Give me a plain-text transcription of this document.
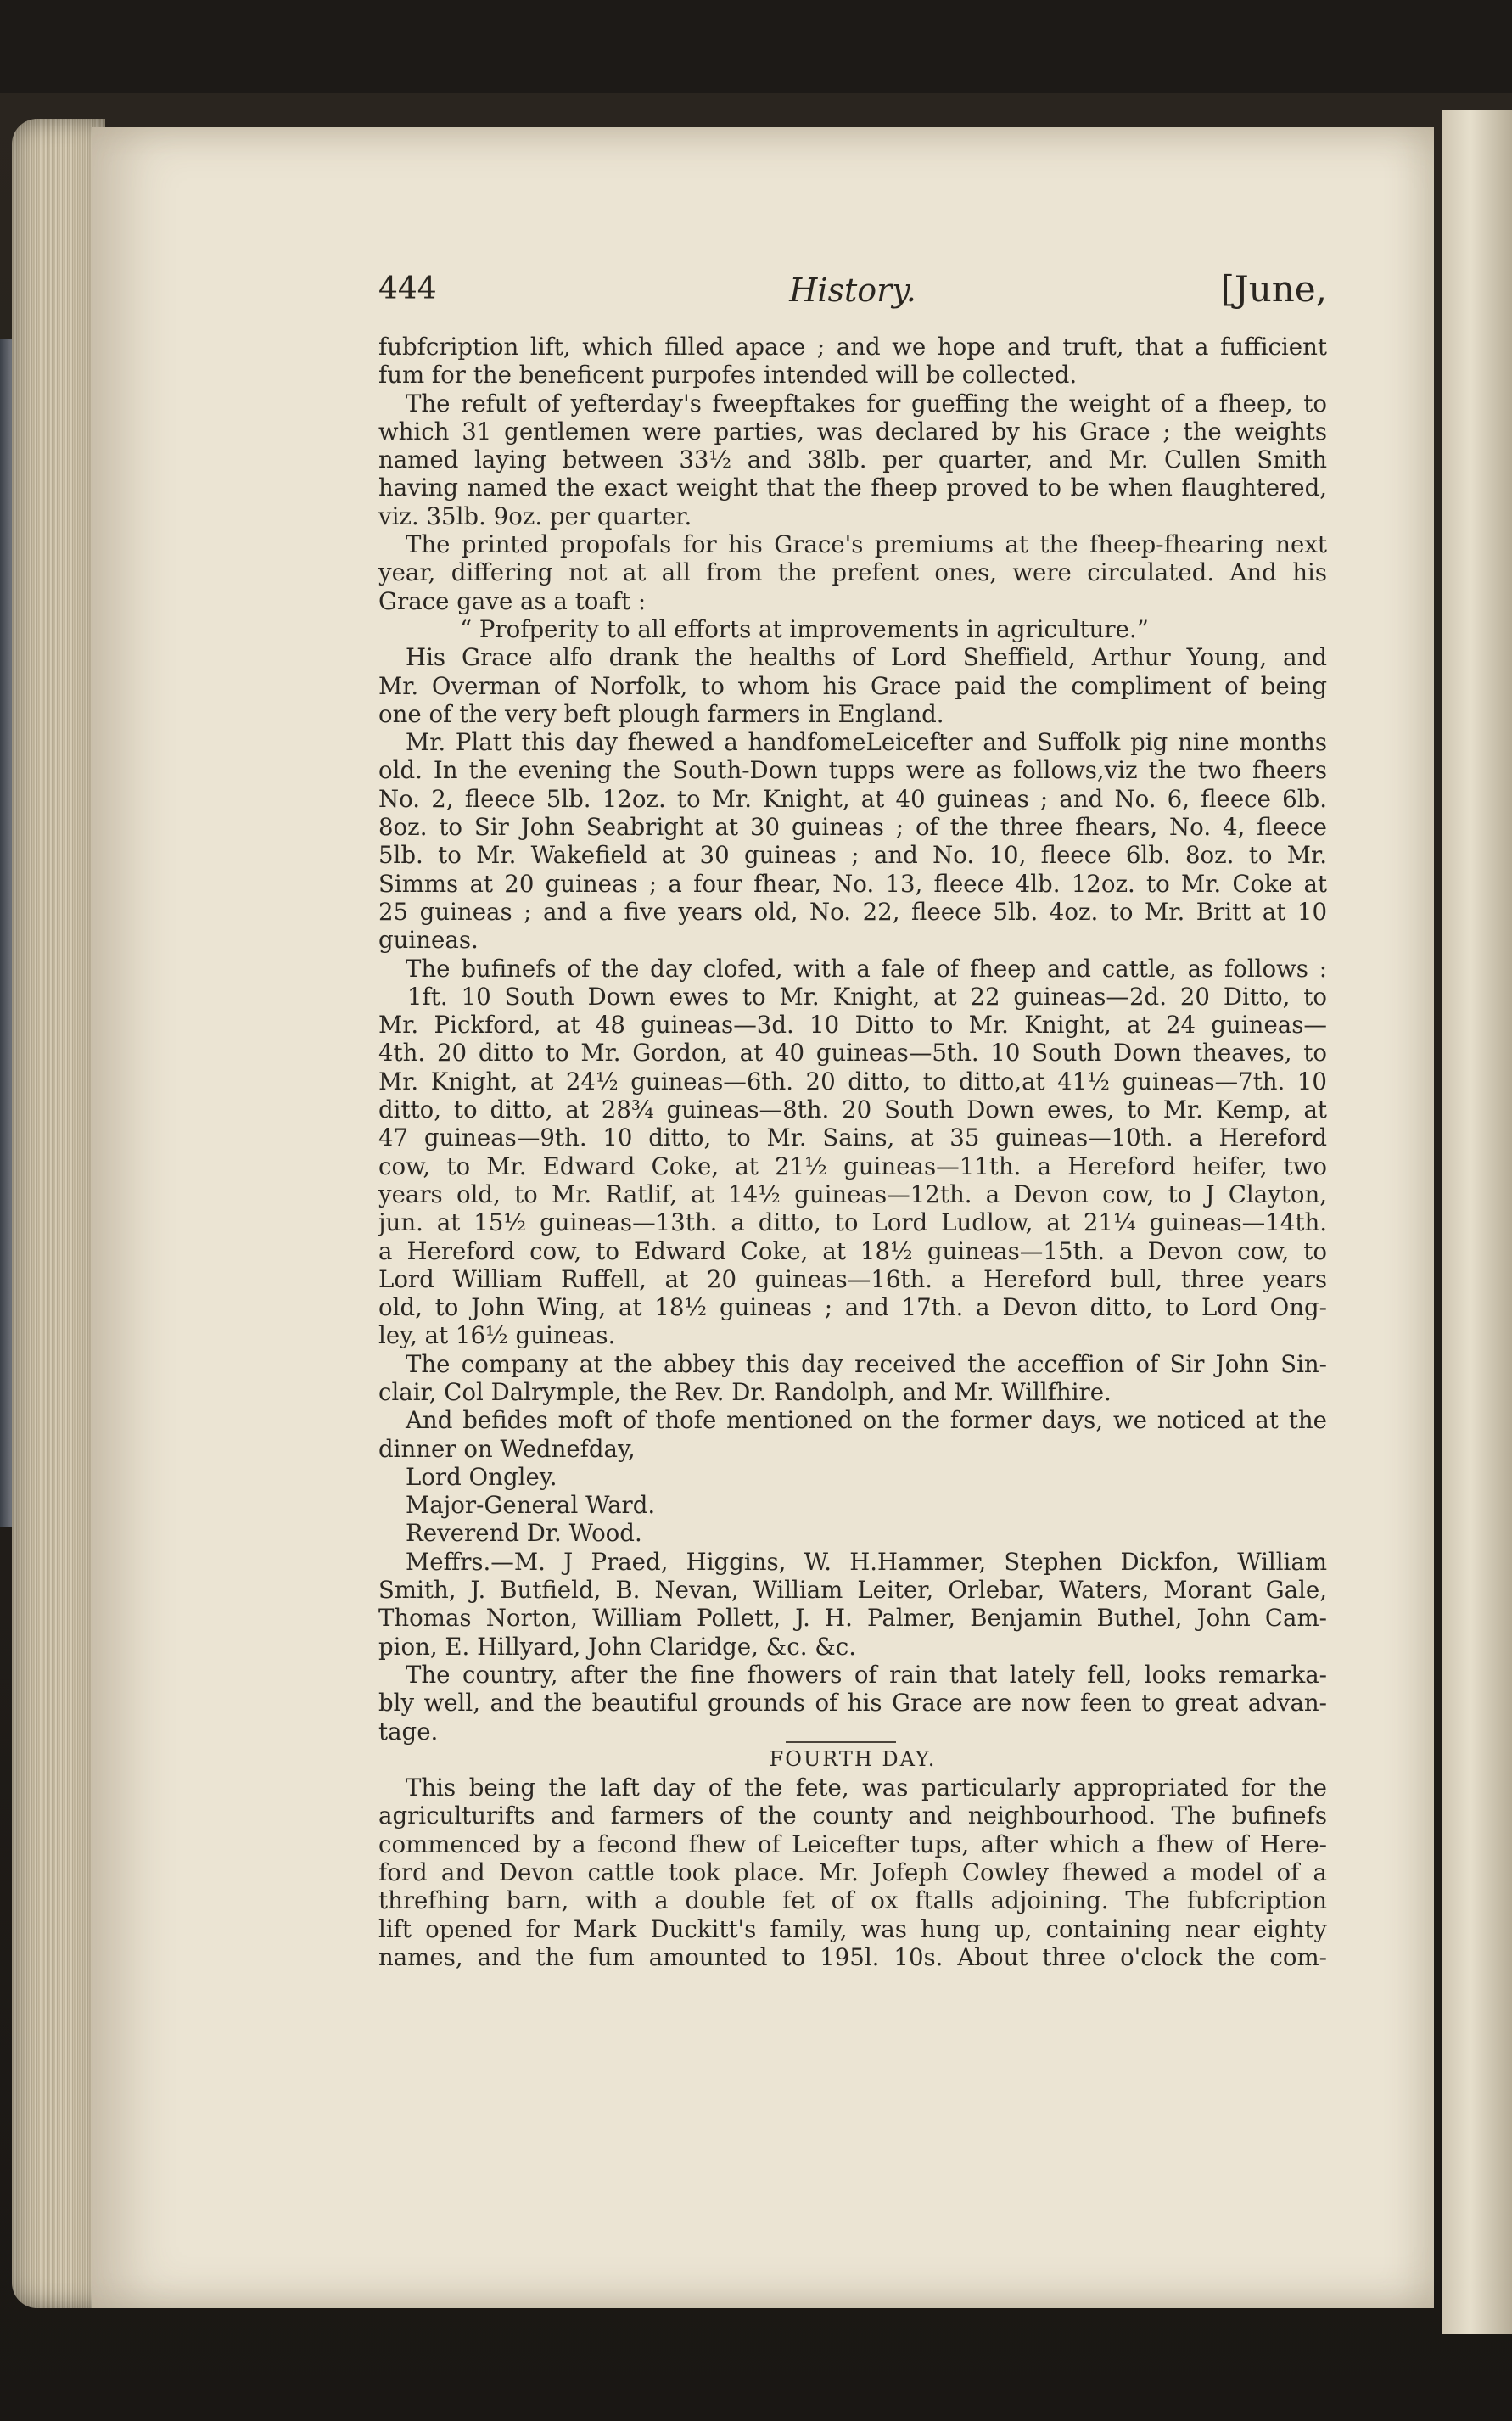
444	History.	[June,
fubfcription lift, which filled apace ; and we hope and truft, that a fufficient
fum for the beneficent purpofes intended will be collected.
The refult of yefterday's fweepftakes for gueffing the weight of a fheep, to
which 31 gentlemen were parties, was declared by his Grace ; the weights
named laying between 33½ and 38lb. per quarter, and Mr. Cullen Smith
having named the exact weight that the fheep proved to be when flaughtered,
viz. 35lb. 9oz. per quarter.
The printed propofals for his Grace's premiums at the fheep-fhearing next
year, differing not at all from the prefent ones, were circulated. And his
Grace gave as a toaft :
“ Profperity to all efforts at improvements in agriculture.”
His Grace alfo drank the healths of Lord Sheffield, Arthur Young, and
Mr. Overman of Norfolk, to whom his Grace paid the compliment of being
one of the very beft plough farmers in England.
Mr. Platt this day fhewed a handfomeLeicefter and Suffolk pig nine months
old. In the evening the South-Down tupps were as follows,viz the two fheers
No. 2, fleece 5lb. 12oz. to Mr. Knight, at 40 guineas ; and No. 6, fleece 6lb.
8oz. to Sir John Seabright at 30 guineas ; of the three fhears, No. 4, fleece
5lb. to Mr. Wakefield at 30 guineas ; and No. 10, fleece 6lb. 8oz. to Mr.
Simms at 20 guineas ; a four fhear, No. 13, fleece 4lb. 12oz. to Mr. Coke at
25 guineas ; and a five years old, No. 22, fleece 5lb. 4oz. to Mr. Britt at 10
guineas.
The bufinefs of the day clofed, with a fale of fheep and cattle, as follows :
1ft. 10 South Down ewes to Mr. Knight, at 22 guineas—2d. 20 Ditto, to
Mr. Pickford, at 48 guineas—3d. 10 Ditto to Mr. Knight, at 24 guineas—
4th. 20 ditto to Mr. Gordon, at 40 guineas—5th. 10 South Down theaves, to
Mr. Knight, at 24½ guineas—6th. 20 ditto, to ditto,at 41½ guineas—7th. 10
ditto, to ditto, at 28¾ guineas—8th. 20 South Down ewes, to Mr. Kemp, at
47 guineas—9th. 10 ditto, to Mr. Sains, at 35 guineas—10th. a Hereford
cow, to Mr. Edward Coke, at 21½ guineas—11th. a Hereford heifer, two
years old, to Mr. Ratlif, at 14½ guineas—12th. a Devon cow, to J Clayton,
jun. at 15½ guineas—13th. a ditto, to Lord Ludlow, at 21¼ guineas—14th.
a Hereford cow, to Edward Coke, at 18½ guineas—15th. a Devon cow, to
Lord William Ruffell, at 20 guineas—16th. a Hereford bull, three years
old, to John Wing, at 18½ guineas ; and 17th. a Devon ditto, to Lord Ong-
ley, at 16½ guineas.
The company at the abbey this day received the acceffion of Sir John Sin-
clair, Col Dalrymple, the Rev. Dr. Randolph, and Mr. Willfhire.
And befides moft of thofe mentioned on the former days, we noticed at the
dinner on Wednefday,
Lord Ongley.
Major-General Ward.
Reverend Dr. Wood.
Meffrs.—M. J Praed, Higgins, W. H.Hammer, Stephen Dickfon, William
Smith, J. Butfield, B. Nevan, William Leiter, Orlebar, Waters, Morant Gale,
Thomas Norton, William Pollett, J. H. Palmer, Benjamin Buthel, John Cam-
pion, E. Hillyard, John Claridge, &c. &c.
The country, after the fine fhowers of rain that lately fell, looks remarka-
bly well, and the beautiful grounds of his Grace are now feen to great advan-
tage.
FOURTH DAY.
This being the laft day of the fete, was particularly appropriated for the
agriculturifts and farmers of the county and neighbourhood. The bufinefs
commenced by a fecond fhew of Leicefter tups, after which a fhew of Here-
ford and Devon cattle took place. Mr. Jofeph Cowley fhewed a model of a
threfhing barn, with a double fet of ox ftalls adjoining. The fubfcription
lift opened for Mark Duckitt's family, was hung up, containing near eighty
names, and the fum amounted to 195l. 10s. About three o'clock the com-
